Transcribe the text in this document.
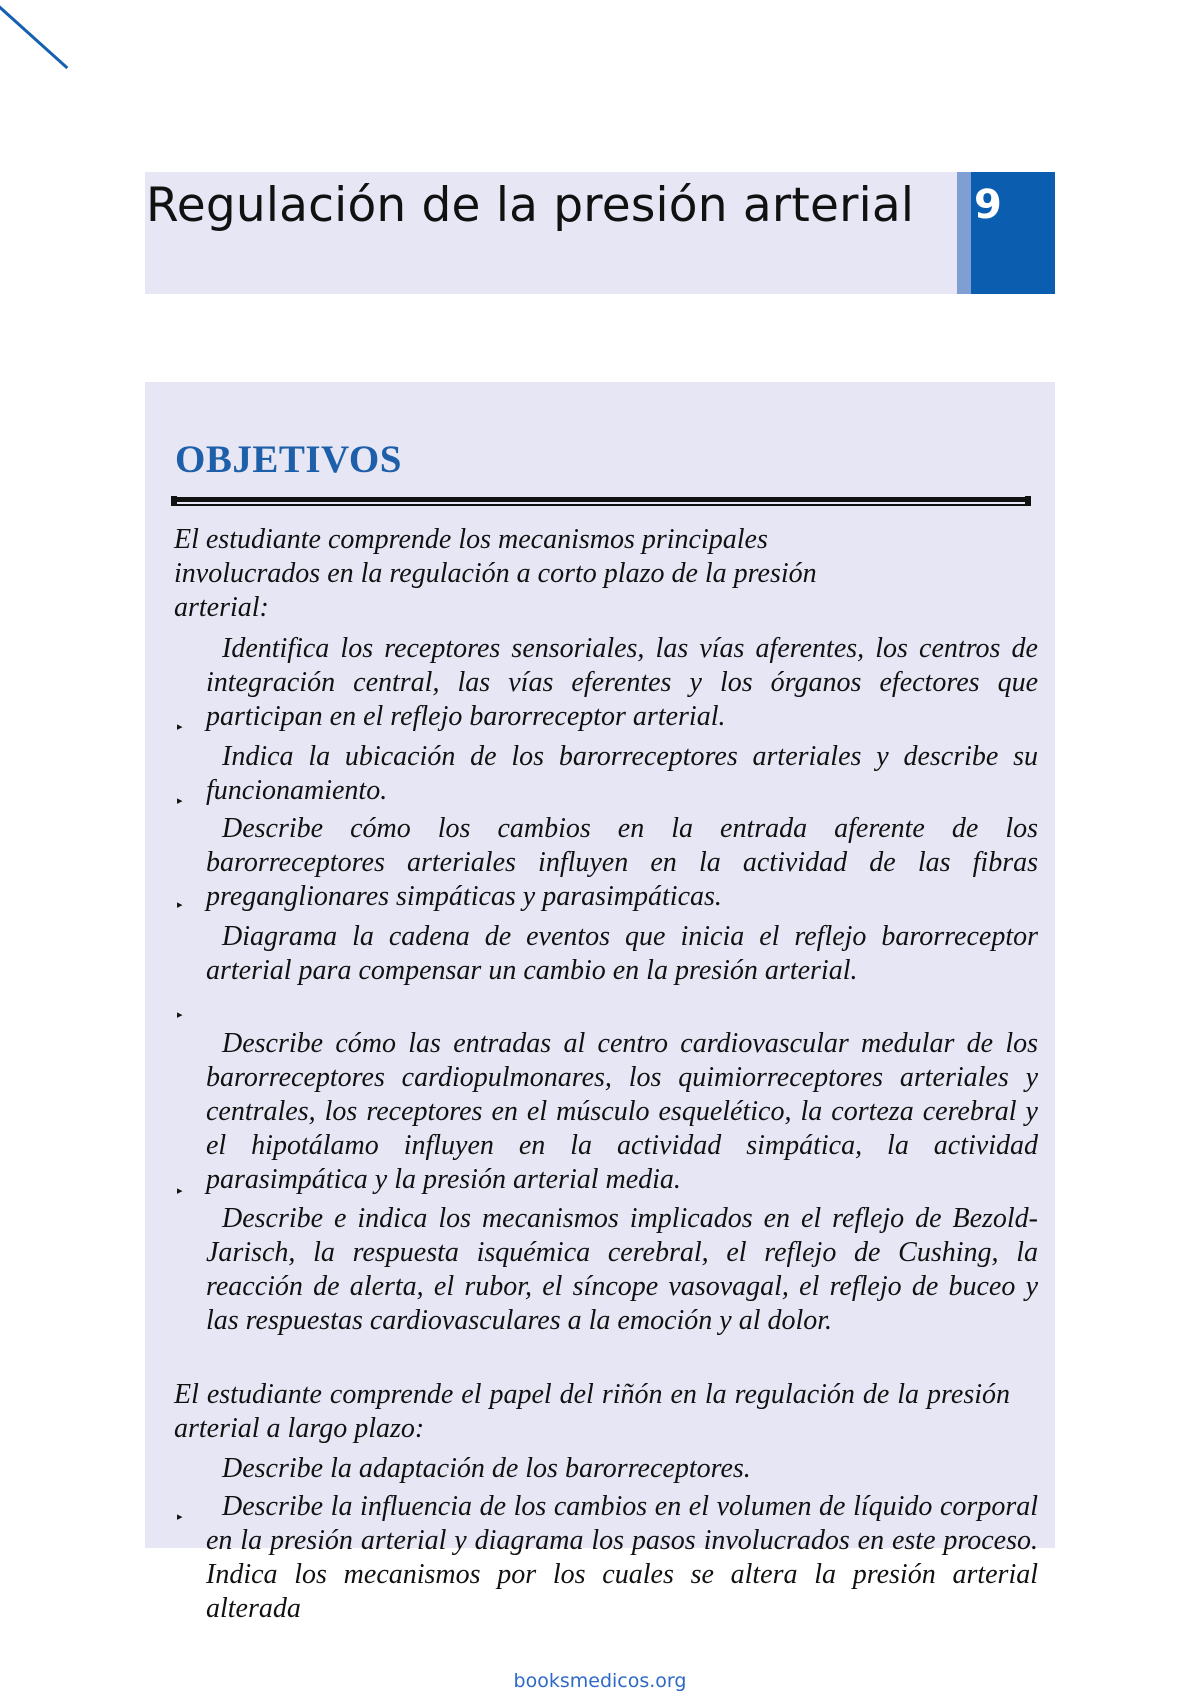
Regulación de la presión arterial 9
OBJETIVOS

El estudiante comprende los mecanismos principales involucrados en la regulación a corto plazo de la presión arterial:

Identifica los receptores sensoriales, las vías aferentes, los centros de integración central, las vías eferentes y los órganos efectores que participan en el reflejo barorreceptor arterial.

▸

Indica la ubicación de los barorreceptores arteriales y describe su funcionamiento.

▸

Describe cómo los cambios en la entrada aferente de los barorreceptores arteriales influyen en la actividad de las fibras preganglionares simpáticas y parasimpáticas.

▸

Diagrama la cadena de eventos que inicia el reflejo barorreceptor arterial para compensar un cambio en la presión arterial.

▸

Describe cómo las entradas al centro cardiovascular medular de los barorreceptores cardiopulmonares, los quimiorreceptores arteriales y centrales, los receptores en el músculo esquelético, la corteza cerebral y el hipotálamo influyen en la actividad simpática, la actividad parasimpática y la presión arterial media.

▸

Describe e indica los mecanismos implicados en el reflejo de Bezold-Jarisch, la respuesta isquémica cerebral, el reflejo de Cushing, la reacción de alerta, el rubor, el síncope vasovagal, el reflejo de buceo y las respuestas cardiovasculares a la emoción y al dolor.

El estudiante comprende el papel del riñón en la regulación de la presión arterial a largo plazo:

Describe la adaptación de los barorreceptores.

▸	Describe la influencia de los cambios en el volumen de líquido corporal en la presión arterial y diagrama los pasos involucrados en este proceso. Indica los mecanismos por los cuales se altera la presión arterial alterada

booksmedicos.org
